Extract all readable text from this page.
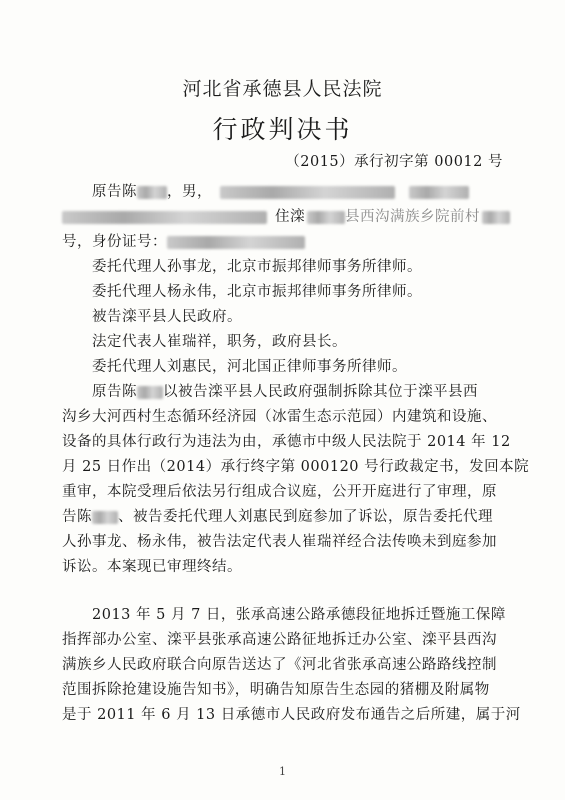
河北省承德县人民法院
行政判决书
（2015）承行初字第 00012 号
原告陈 ，男，
住滦	县西沟满族乡院前村
号，身份证号：
委托代理人孙事龙，北京市振邦律师事务所律师。
委托代理人杨永伟，北京市振邦律师事务所律师。
被告滦平县人民政府。
法定代表人崔瑞祥，职务，政府县长。
委托代理人刘惠民，河北国正律师事务所律师。
原告陈 以被告滦平县人民政府强制拆除其位于滦平县西
沟乡大河西村生态循环经济园（冰雷生态示范园）内建筑和设施、
设备的具体行政行为违法为由，承德市中级人民法院于 2014 年 12
月 25 日作出（2014）承行终字第 000120 号行政裁定书，发回本院
重审，本院受理后依法另行组成合议庭，公开开庭进行了审理，原
告陈 、被告委托代理人刘惠民到庭参加了诉讼，原告委托代理
人孙事龙、杨永伟，被告法定代表人崔瑞祥经合法传唤未到庭参加
诉讼。本案现已审理终结。
2013 年 5 月 7 日，张承高速公路承德段征地拆迁暨施工保障
指挥部办公室、滦平县张承高速公路征地拆迁办公室、滦平县西沟
满族乡人民政府联合向原告送达了《河北省张承高速公路路线控制
范围拆除抢建设施告知书》，明确告知原告生态园的猪棚及附属物
是于 2011 年 6 月 13 日承德市人民政府发布通告之后所建，属于河
1
